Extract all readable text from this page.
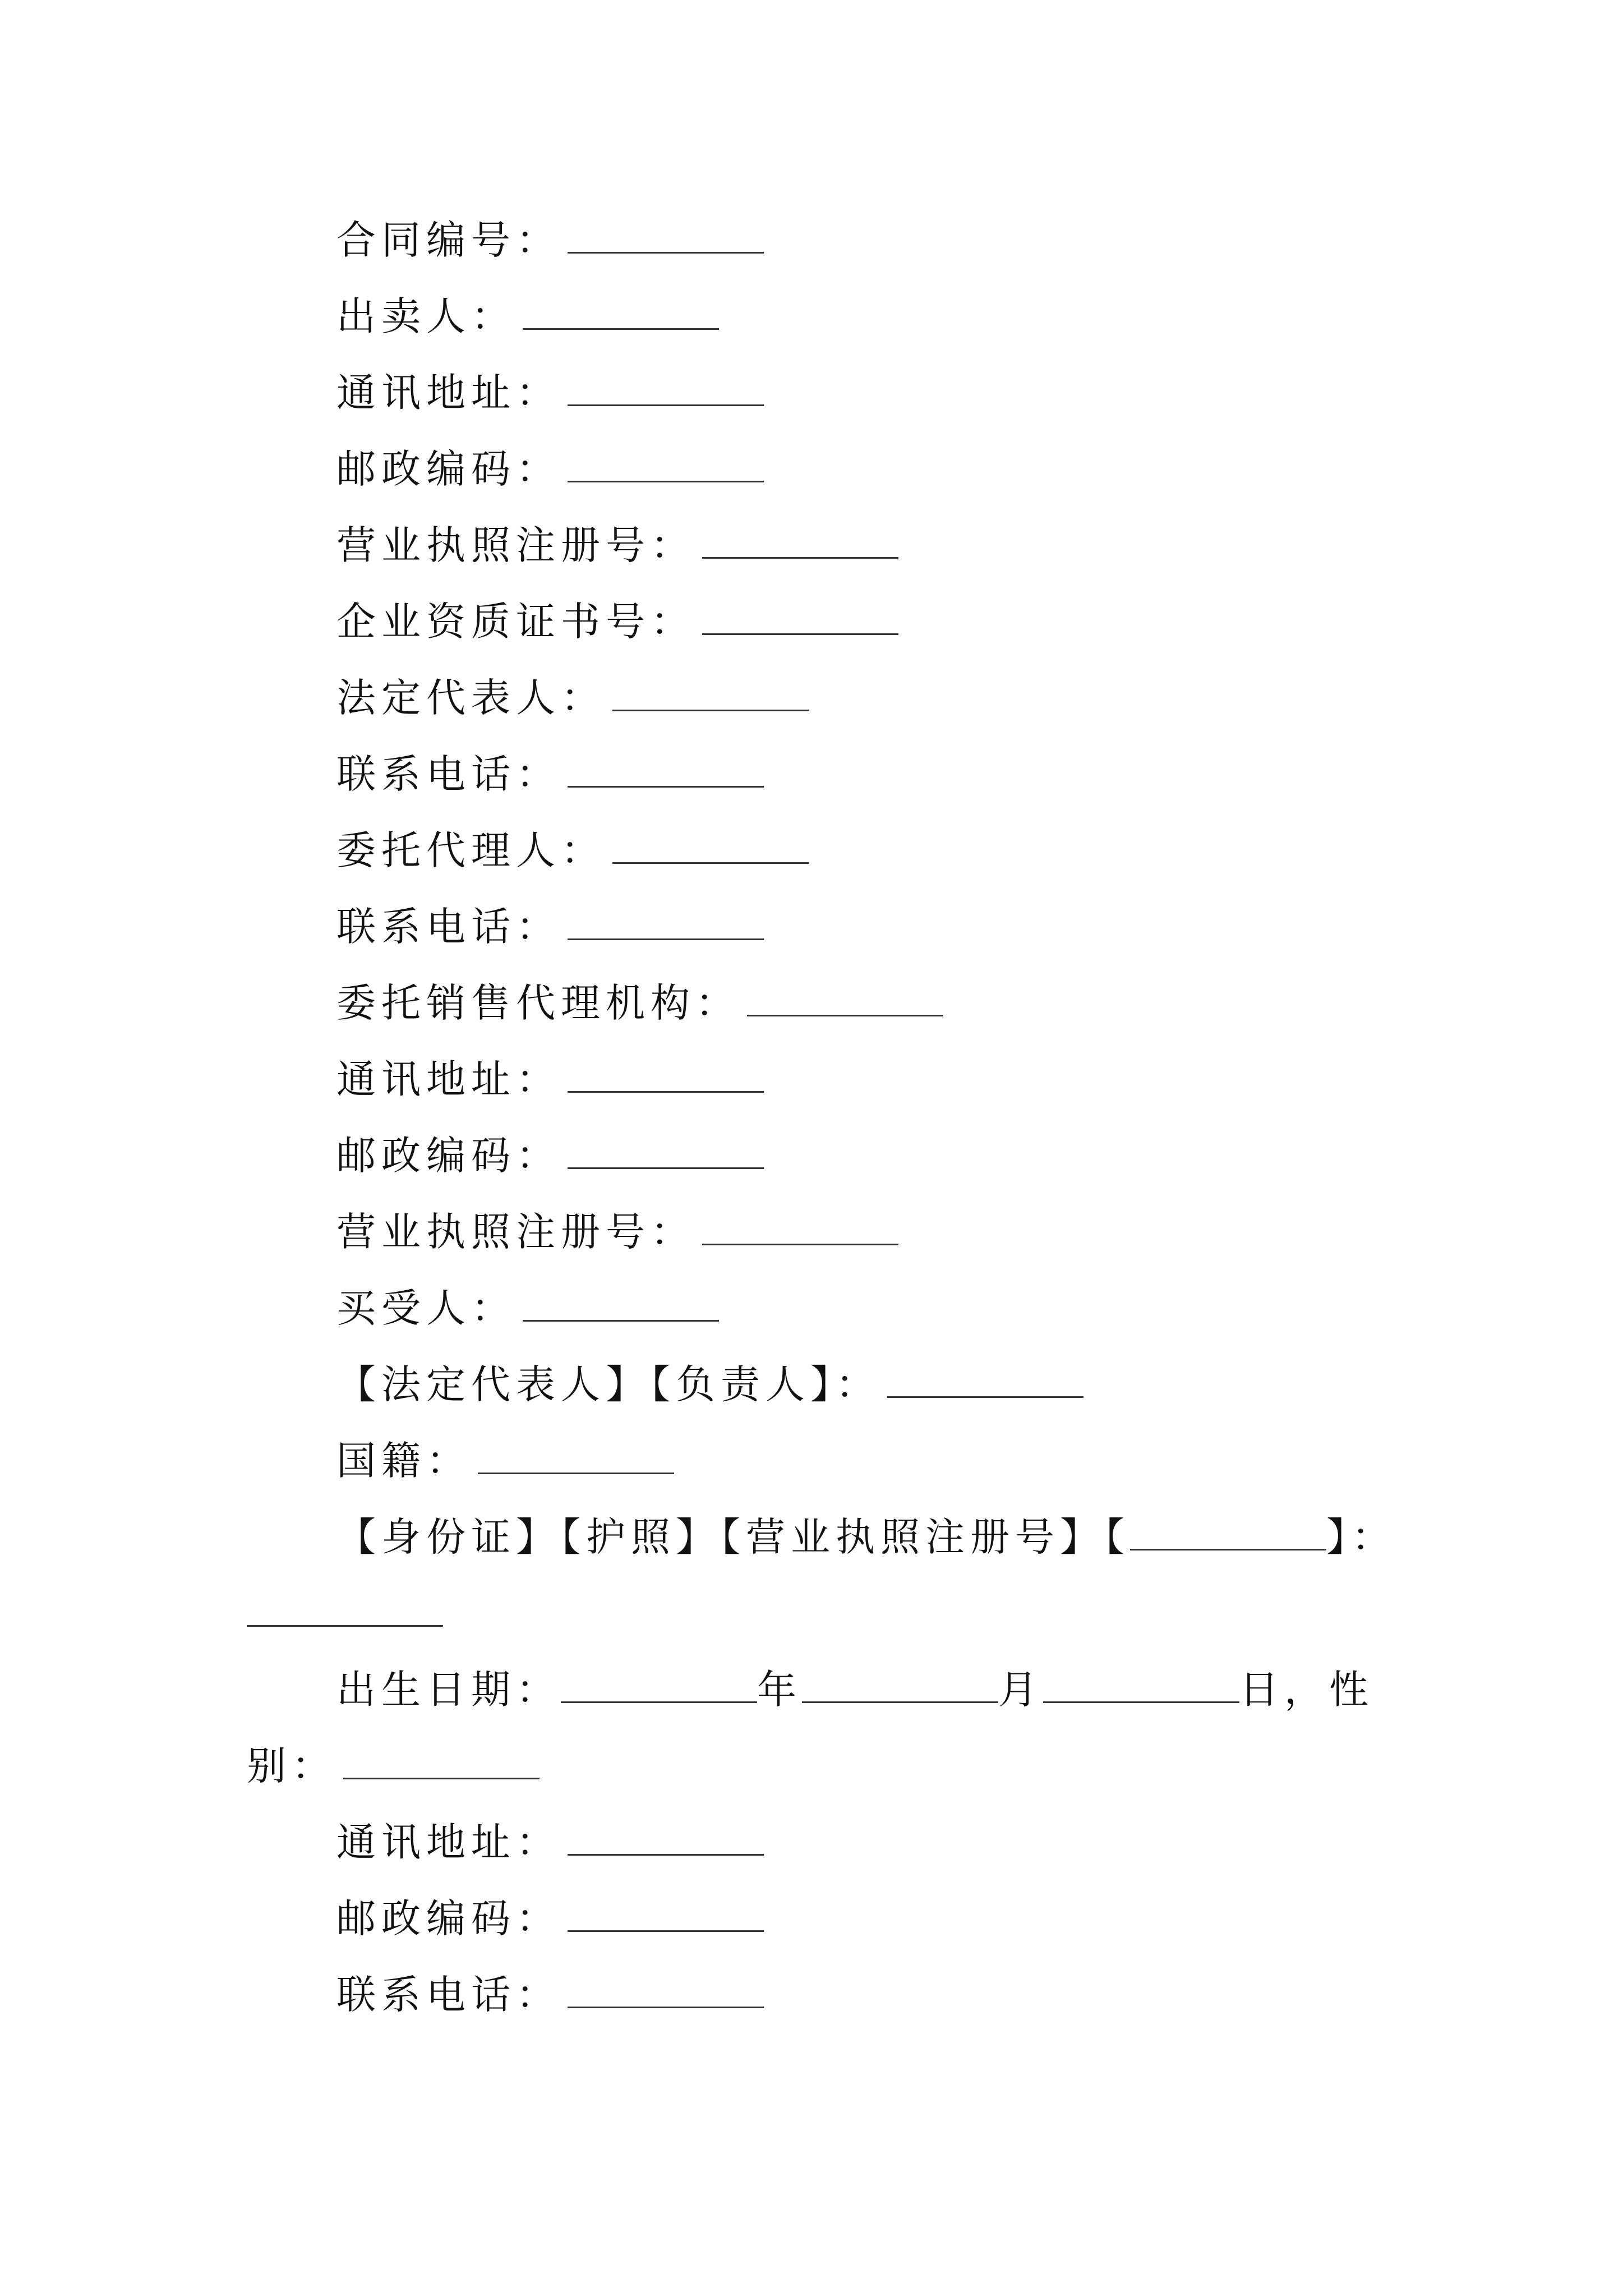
合同编号：
出卖人：
通讯地址：
邮政编码：
营业执照注册号：
企业资质证书号：
法定代表人：
联系电话：
委托代理人：
联系电话：
委托销售代理机构：
通讯地址：
邮政编码：
营业执照注册号：
买受人：
【法定代表人】【负责人】：
国籍：
【身份证】【护照】【营业执照注册号】【	】：
出生日期：	年	月	日，性
别：
通讯地址：
邮政编码：
联系电话：
